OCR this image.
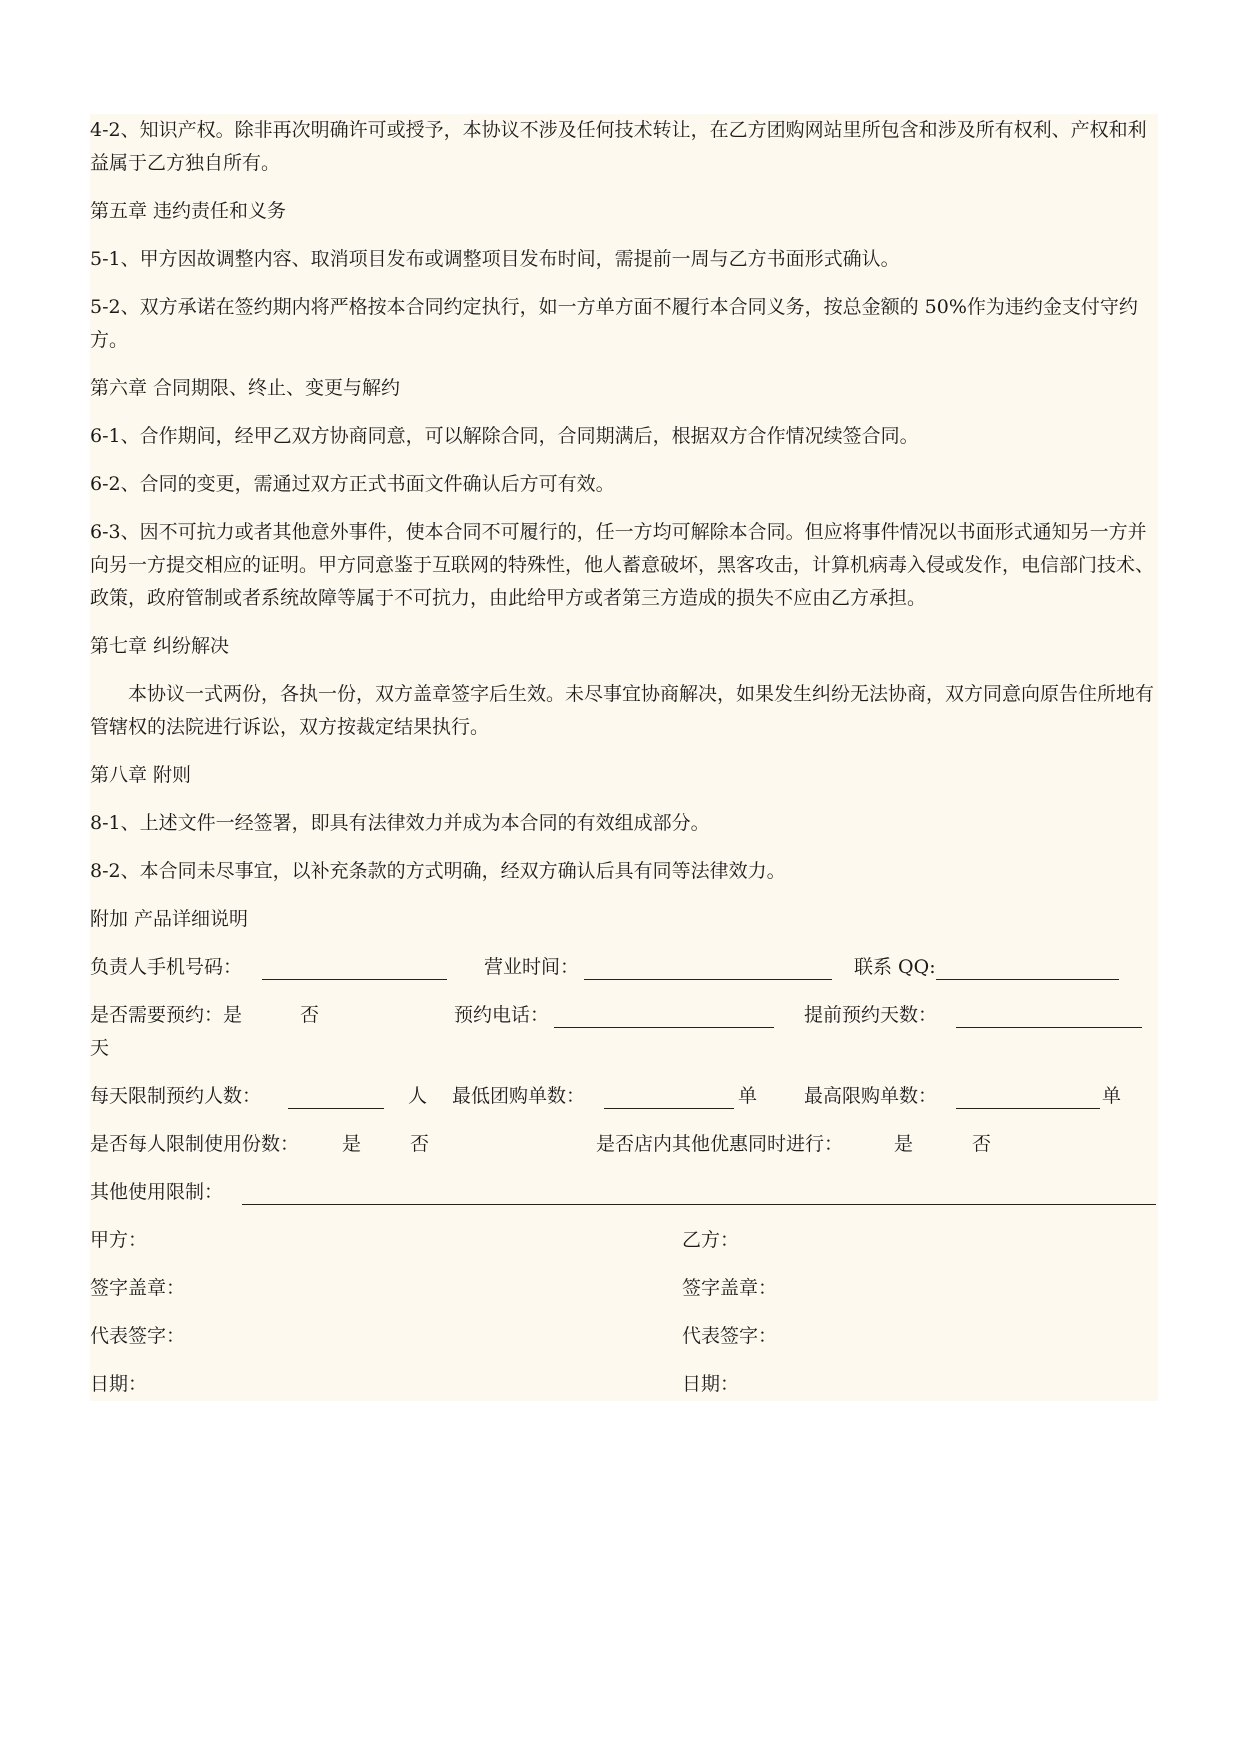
4-2、知识产权。除非再次明确许可或授予，本协议不涉及任何技术转让，在乙方团购网站里所包含和涉及所有权利、产权和利益属于乙方独自所有。

第五章 违约责任和义务

5-1、甲方因故调整内容、取消项目发布或调整项目发布时间，需提前一周与乙方书面形式确认。

5-2、双方承诺在签约期内将严格按本合同约定执行，如一方单方面不履行本合同义务，按总金额的 50%作为违约金支付守约方。

第六章 合同期限、终止、变更与解约

6-1、合作期间，经甲乙双方协商同意，可以解除合同，合同期满后，根据双方合作情况续签合同。

6-2、合同的变更，需通过双方正式书面文件确认后方可有效。

6-3、因不可抗力或者其他意外事件，使本合同不可履行的，任一方均可解除本合同。但应将事件情况以书面形式通知另一方并向另一方提交相应的证明。甲方同意鉴于互联网的特殊性，他人蓄意破坏，黑客攻击，计算机病毒入侵或发作，电信部门技术、政策，政府管制或者系统故障等属于不可抗力，由此给甲方或者第三方造成的损失不应由乙方承担。

第七章 纠纷解决

本协议一式两份，各执一份，双方盖章签字后生效。未尽事宜协商解决，如果发生纠纷无法协商，双方同意向原告住所地有管辖权的法院进行诉讼，双方按裁定结果执行。

第八章 附则

8-1、上述文件一经签署，即具有法律效力并成为本合同的有效组成部分。

8-2、本合同未尽事宜，以补充条款的方式明确，经双方确认后具有同等法律效力。

附加 产品详细说明

负责人手机号码：	营业时间：	联系 QQ:
是否需要预约：是	否	预约电话：	提前预约天数：
天
每天限制预约人数：	人 最低团购单数：	单 最高限购单数：	单
是否每人限制使用份数： 是	否	是否店内其他优惠同时进行：	是	否
其他使用限制：
甲方：	乙方：
签字盖章：	签字盖章：
代表签字：	代表签字：
日期：	日期：
